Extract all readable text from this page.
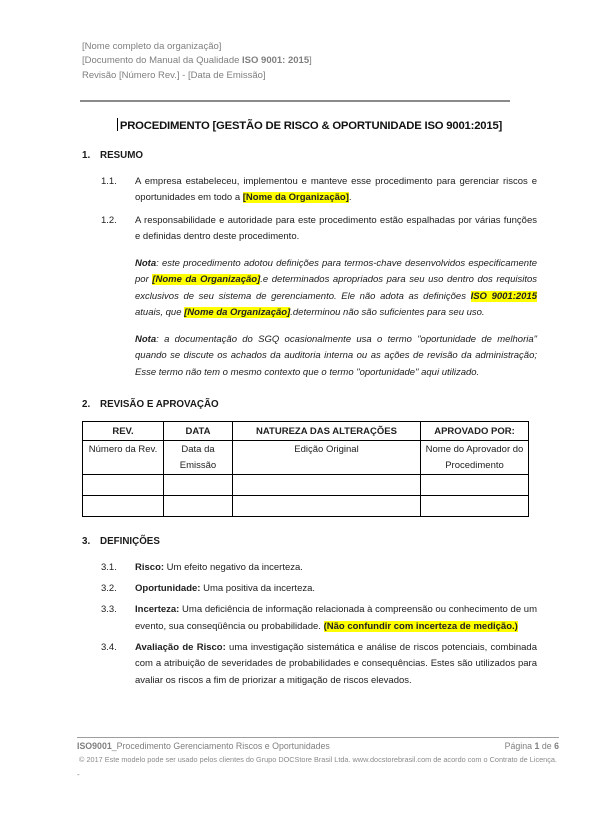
[Nome completo da organização]
[Documento do Manual da Qualidade ISO 9001: 2015]
Revisão [Número Rev.] - [Data de Emissão]
PROCEDIMENTO [GESTÃO DE RISCO & OPORTUNIDADE ISO 9001:2015]
1.	RESUMO
1.1.	A empresa estabeleceu, implementou e manteve esse procedimento para gerenciar riscos e oportunidades em todo a [Nome da Organização].
1.2.	A responsabilidade e autoridade para este procedimento estão espalhadas por várias funções e definidas dentro deste procedimento.
Nota: este procedimento adotou definições para termos-chave desenvolvidos especificamente por [Nome da Organização].e determinados apropriados para seu uso dentro dos requisitos exclusivos de seu sistema de gerenciamento. Ele não adota as definições ISO 9001:2015 atuais, que [Nome da Organização].determinou não são suficientes para seu uso.
Nota: a documentação do SGQ ocasionalmente usa o termo "oportunidade de melhoria" quando se discute os achados da auditoria interna ou as ações de revisão da administração; Esse termo não tem o mesmo contexto que o termo "oportunidade" aqui utilizado.
2.	REVISÃO E APROVAÇÃO
REV.	DATA	NATUREZA DAS ALTERAÇÕES	APROVADO POR:
Número da Rev.	Data da Emissão	Edição Original	Nome do Aprovador do Procedimento

3.	DEFINIÇÕES
3.1.	Risco: Um efeito negativo da incerteza.
3.2.	Oportunidade: Uma positiva da incerteza.
3.3.	Incerteza: Uma deficiência de informação relacionada à compreensão ou conhecimento de um evento, sua conseqüência ou probabilidade. (Não confundir com incerteza de medição.)
3.4.	Avaliação de Risco: uma investigação sistemática e análise de riscos potenciais, combinada com a atribuição de severidades de probabilidades e consequências. Estes são utilizados para avaliar os riscos a fim de priorizar a mitigação de riscos elevados.
ISO9001_Procedimento Gerenciamento Riscos e Oportunidades	Página 1 de 6
© 2017 Este modelo pode ser usado pelos clientes do Grupo DOCStore Brasil Ltda. www.docstorebrasil.com de acordo com o Contrato de Licença.
-
